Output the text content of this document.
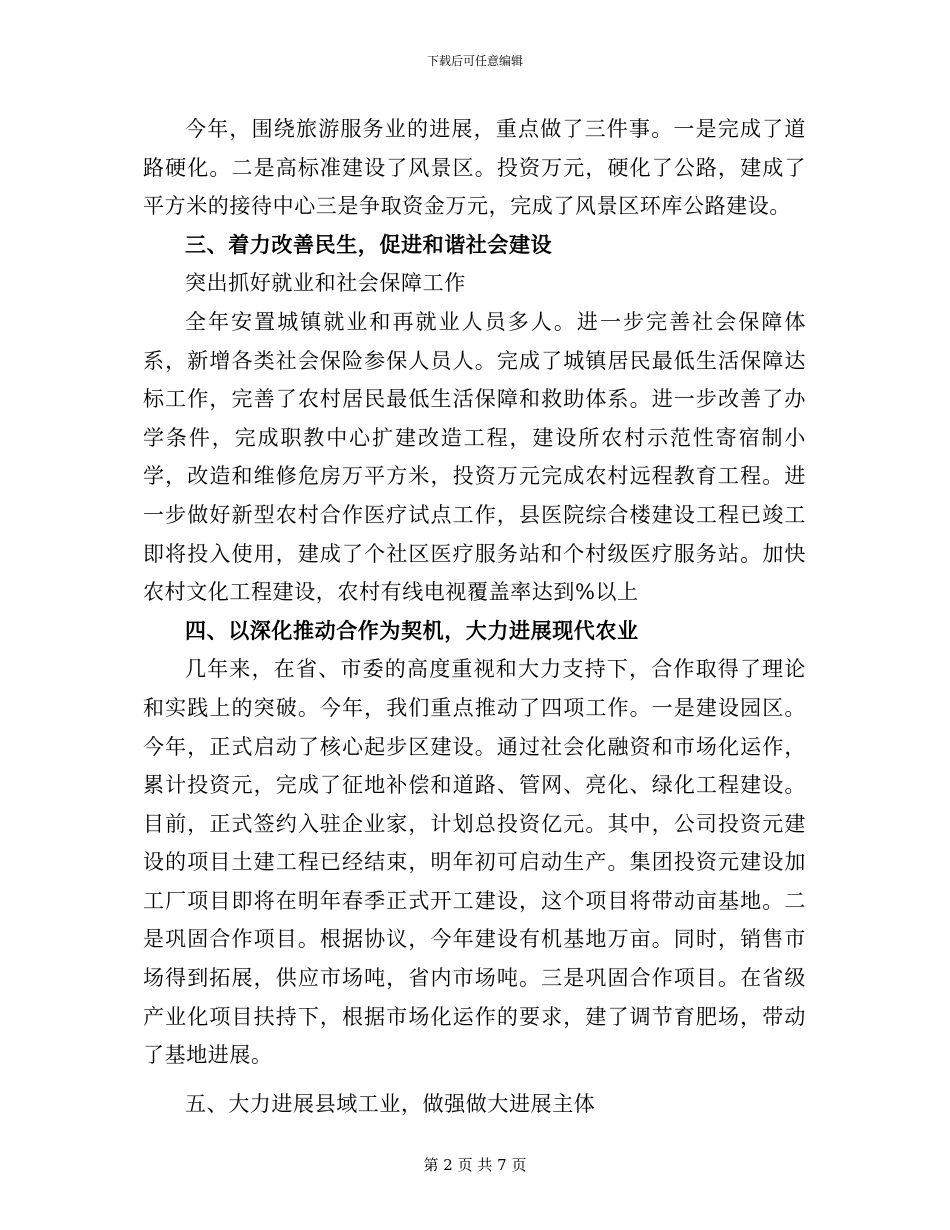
下载后可任意编辑

今年，围绕旅游服务业的进展，重点做了三件事。一是完成了道路硬化。二是高标准建设了风景区。投资万元，硬化了公路，建成了平方米的接待中心三是争取资金万元，完成了风景区环库公路建设。

三、着力改善民生，促进和谐社会建设

突出抓好就业和社会保障工作

全年安置城镇就业和再就业人员多人。进一步完善社会保障体系，新增各类社会保险参保人员人。完成了城镇居民最低生活保障达标工作，完善了农村居民最低生活保障和救助体系。进一步改善了办学条件，完成职教中心扩建改造工程，建设所农村示范性寄宿制小学，改造和维修危房万平方米，投资万元完成农村远程教育工程。进一步做好新型农村合作医疗试点工作，县医院综合楼建设工程已竣工即将投入使用，建成了个社区医疗服务站和个村级医疗服务站。加快农村文化工程建设，农村有线电视覆盖率达到%以上

四、以深化推动合作为契机，大力进展现代农业

几年来，在省、市委的高度重视和大力支持下，合作取得了理论和实践上的突破。今年，我们重点推动了四项工作。一是建设园区。今年，正式启动了核心起步区建设。通过社会化融资和市场化运作，累计投资元，完成了征地补偿和道路、管网、亮化、绿化工程建设。目前，正式签约入驻企业家，计划总投资亿元。其中，公司投资元建设的项目土建工程已经结束，明年初可启动生产。集团投资元建设加工厂项目即将在明年春季正式开工建设，这个项目将带动亩基地。二是巩固合作项目。根据协议，今年建设有机基地万亩。同时，销售市场得到拓展，供应市场吨，省内市场吨。三是巩固合作项目。在省级产业化项目扶持下，根据市场化运作的要求，建了调节育肥场，带动了基地进展。

五、大力进展县域工业，做强做大进展主体

第 2 页 共 7 页
